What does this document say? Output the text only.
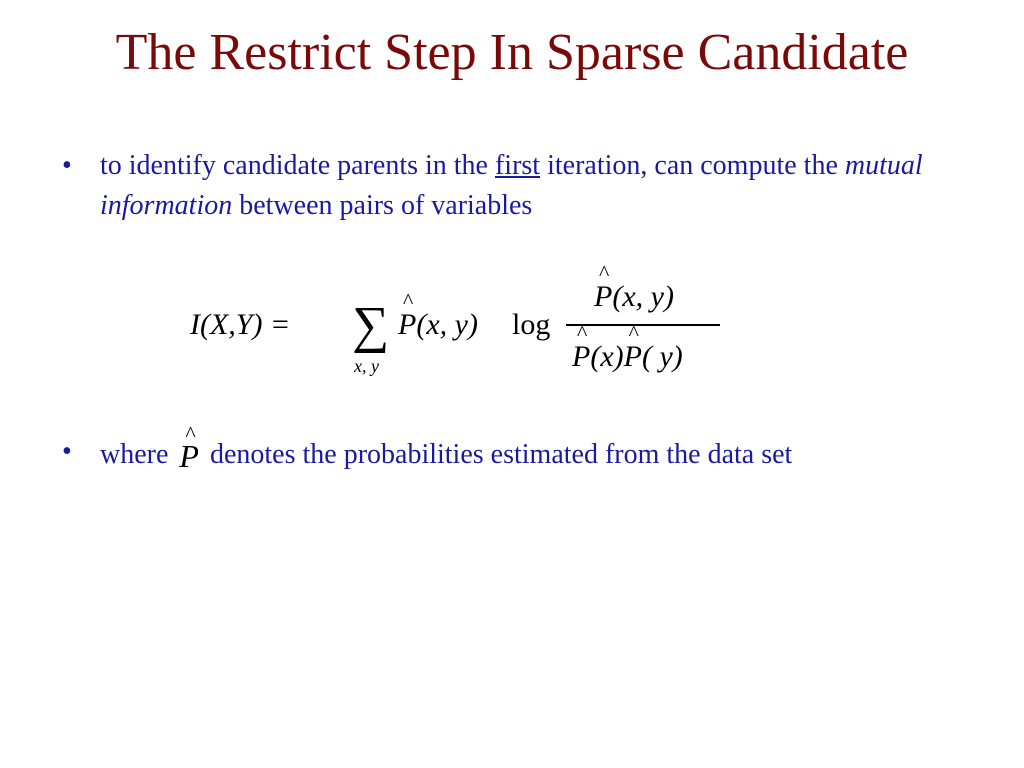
The Restrict Step In Sparse Candidate
• to identify candidate parents in the first iteration, can compute the mutual information between pairs of variables
I(X,Y) = ∑
x, y
^ P(x, y) log
^ P(x, y)
^ P(x)^ P( y)
• where ^ P denotes the probabilities estimated from the data set
